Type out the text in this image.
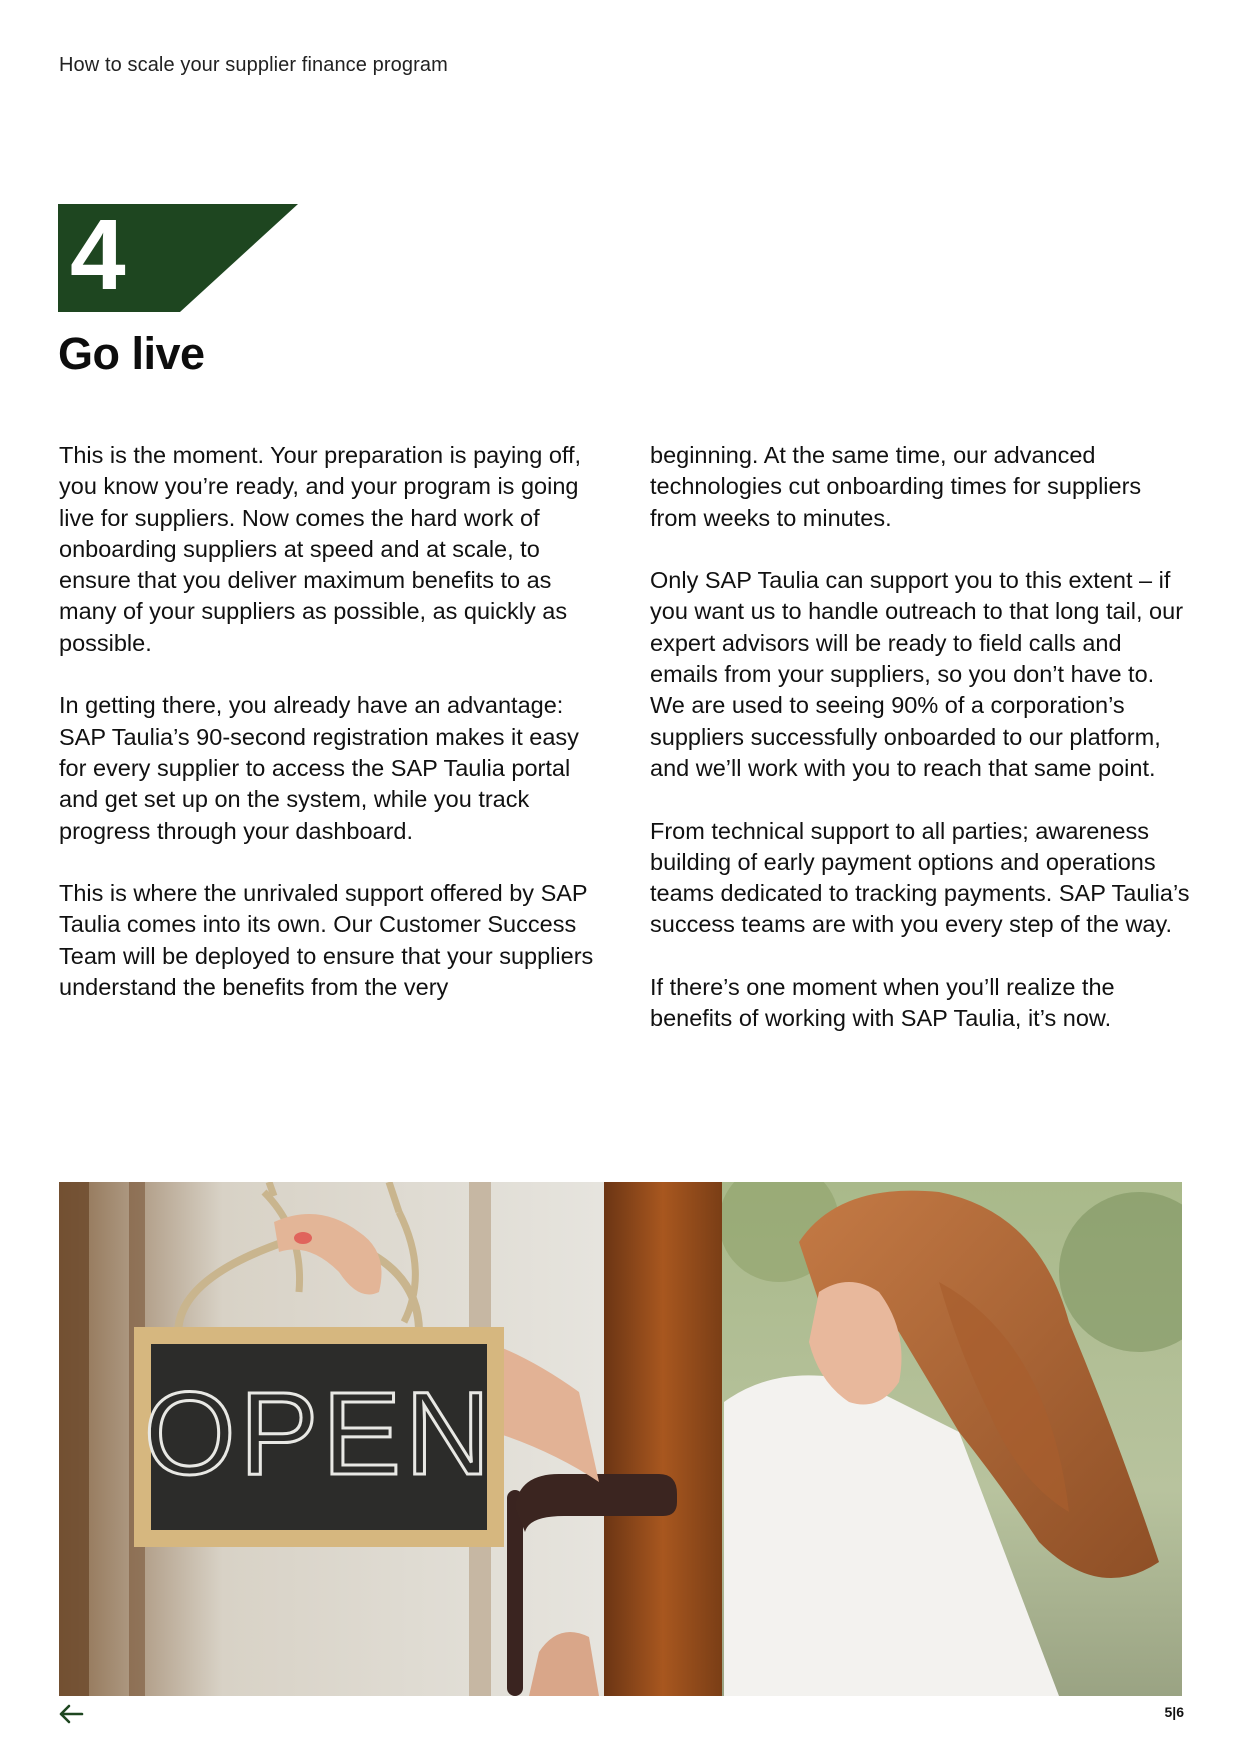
How to scale your supplier finance program
4
Go live

This is the moment. Your preparation is paying off, you know you’re ready, and your program is going live for suppliers. Now comes the hard work of onboarding suppliers at speed and at scale, to ensure that you deliver maximum benefits to as many of your suppliers as possible, as quickly as possible.

In getting there, you already have an advantage: SAP Taulia’s 90-second registration makes it easy for every supplier to access the SAP Taulia portal and get set up on the system, while you track progress through your dashboard.

This is where the unrivaled support offered by SAP Taulia comes into its own. Our Customer Success Team will be deployed to ensure that your suppliers understand the benefits from the very

beginning. At the same time, our advanced technologies cut onboarding times for suppliers from weeks to minutes.

Only SAP Taulia can support you to this extent – if you want us to handle outreach to that long tail, our expert advisors will be ready to field calls and emails from your suppliers, so you don’t have to. We are used to seeing 90% of a corporation’s suppliers successfully onboarded to our platform, and we’ll work with you to reach that same point.

From technical support to all parties; awareness building of early payment options and operations teams dedicated to tracking payments. SAP Taulia’s success teams are with you every step of the way.

If there’s one moment when you’ll realize the benefits of working with SAP Taulia, it’s now.

OPEN
5|6
